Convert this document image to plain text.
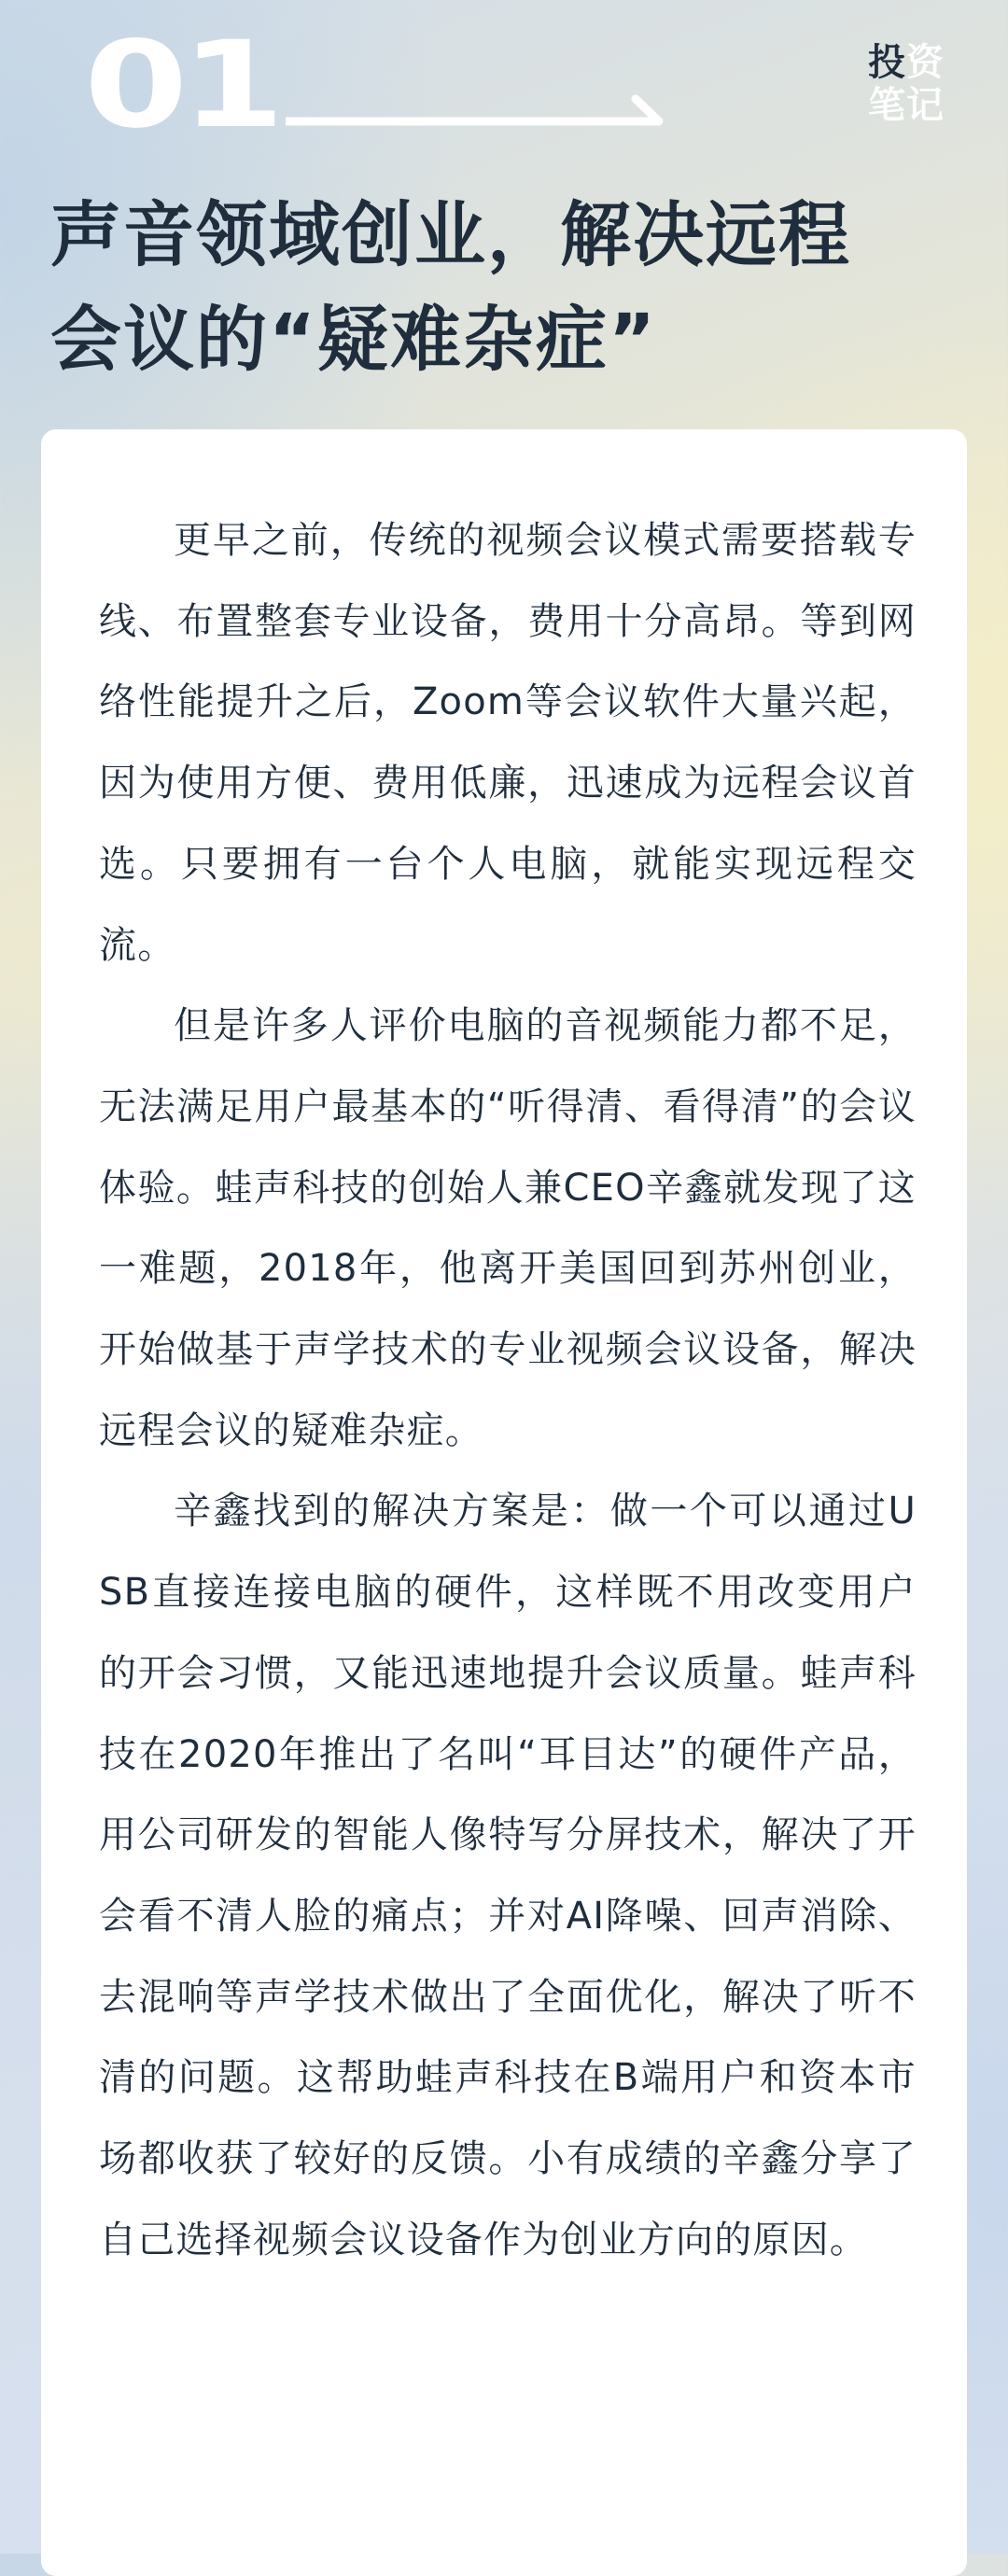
01	投资
笔记
声音领域创业，解决远程
会议的“疑难杂症”

更早之前，传统的视频会议模式需要搭载专线、布置整套专业设备，费用十分高昂。等到网络性能提升之后，Zoom等会议软件大量兴起，因为使用方便、费用低廉，迅速成为远程会议首选。只要拥有一台个人电脑，就能实现远程交流。

但是许多人评价电脑的音视频能力都不足，无法满足用户最基本的“听得清、看得清”的会议体验。蛙声科技的创始人兼CEO辛鑫就发现了这一难题，2018年，他离开美国回到苏州创业，开始做基于声学技术的专业视频会议设备，解决远程会议的疑难杂症。

辛鑫找到的解决方案是：做一个可以通过USB直接连接电脑的硬件，这样既不用改变用户的开会习惯，又能迅速地提升会议质量。蛙声科技在2020年推出了名叫“耳目达”的硬件产品，用公司研发的智能人像特写分屏技术，解决了开会看不清人脸的痛点；并对AI降噪、回声消除、去混响等声学技术做出了全面优化，解决了听不清的问题。这帮助蛙声科技在B端用户和资本市场都收获了较好的反馈。小有成绩的辛鑫分享了自己选择视频会议设备作为创业方向的原因。
